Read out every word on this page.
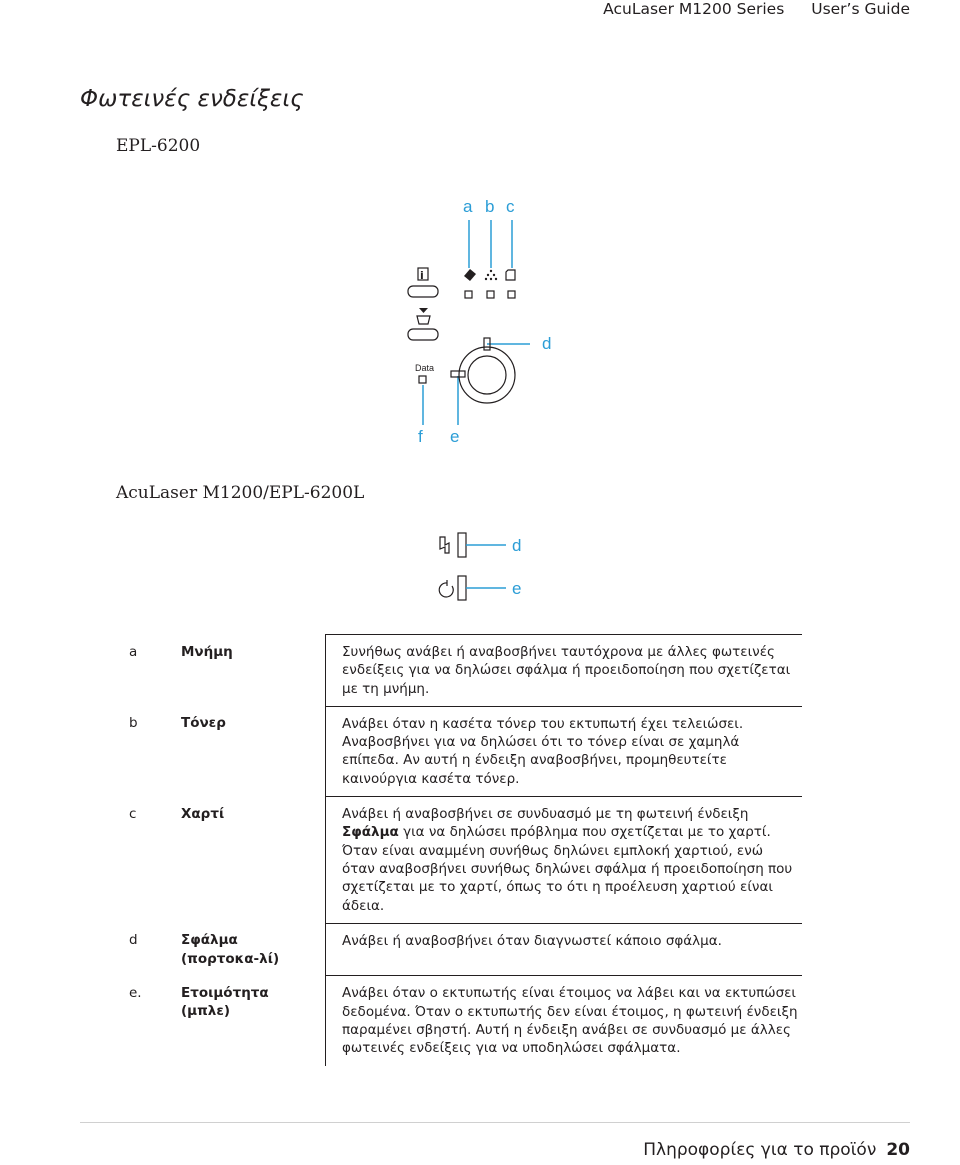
AcuLaser M1200 Series User’s Guide
Φωτεινές ενδείξεις
EPL-6200
a b c
d
f e
i
Data
AcuLaser M1200/EPL-6200L
d
e
a	Μνήμη	Συνήθως ανάβει ή αναβοσβήνει ταυτόχρονα με άλλες φωτεινές ενδείξεις για να δηλώσει σφάλμα ή προειδοποίηση που σχετίζεται με τη μνήμη.
b	Τόνερ	Ανάβει όταν η κασέτα τόνερ του εκτυπωτή έχει τελειώσει. Αναβοσβήνει για να δηλώσει ότι το τόνερ είναι σε χαμηλά επίπεδα. Αν αυτή η ένδειξη αναβοσβήνει, προμηθευτείτε καινούργια κασέτα τόνερ.
c	Χαρτί	Ανάβει ή αναβοσβήνει σε συνδυασμό με τη φωτεινή ένδειξη Σφάλμα για να δηλώσει πρόβλημα που σχετίζεται με το χαρτί. Όταν είναι αναμμένη συνήθως δηλώνει εμπλοκή χαρτιού, ενώ όταν αναβοσβήνει συνήθως δηλώνει σφάλμα ή προειδοποίηση που σχετίζεται με το χαρτί, όπως το ότι η προέλευση χαρτιού είναι άδεια.
d	Σφάλμα (πορτοκα-λί)	Ανάβει ή αναβοσβήνει όταν διαγνωστεί κάποιο σφάλμα.
e.	Ετοιμότητα (μπλε)	Ανάβει όταν ο εκτυπωτής είναι έτοιμος να λάβει και να εκτυπώσει δεδομένα. Όταν ο εκτυπωτής δεν είναι έτοιμος, η φωτεινή ένδειξη παραμένει σβηστή. Αυτή η ένδειξη ανάβει σε συνδυασμό με άλλες φωτεινές ενδείξεις για να υποδηλώσει σφάλματα.
Πληροφορίες για το προϊόν 20
